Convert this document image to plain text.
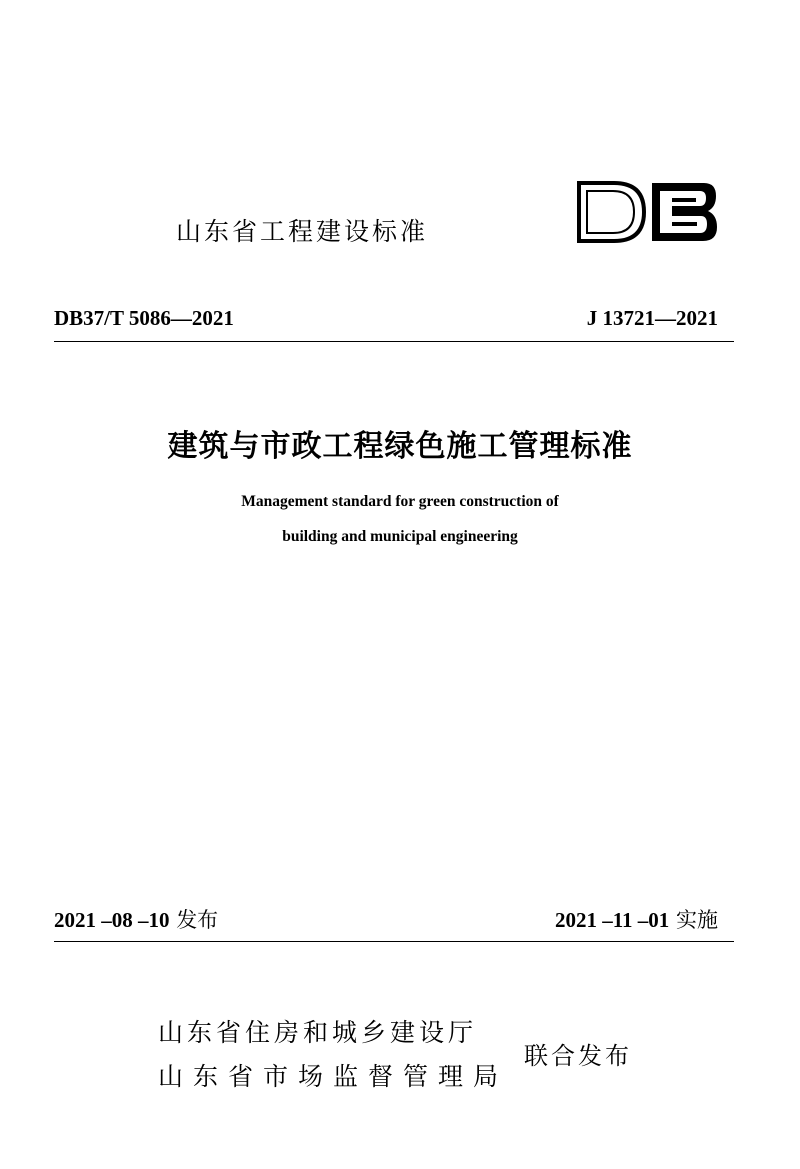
山东省工程建设标准
DB37/T 5086—2021	J 13721—2021
建筑与市政工程绿色施工管理标准
Management standard for green construction of
building and municipal engineering
2021 –08 –10 发布	2021 –11 –01 实施
山东省住房和城乡建设厅
山东省市场监督管理局
联合发布
